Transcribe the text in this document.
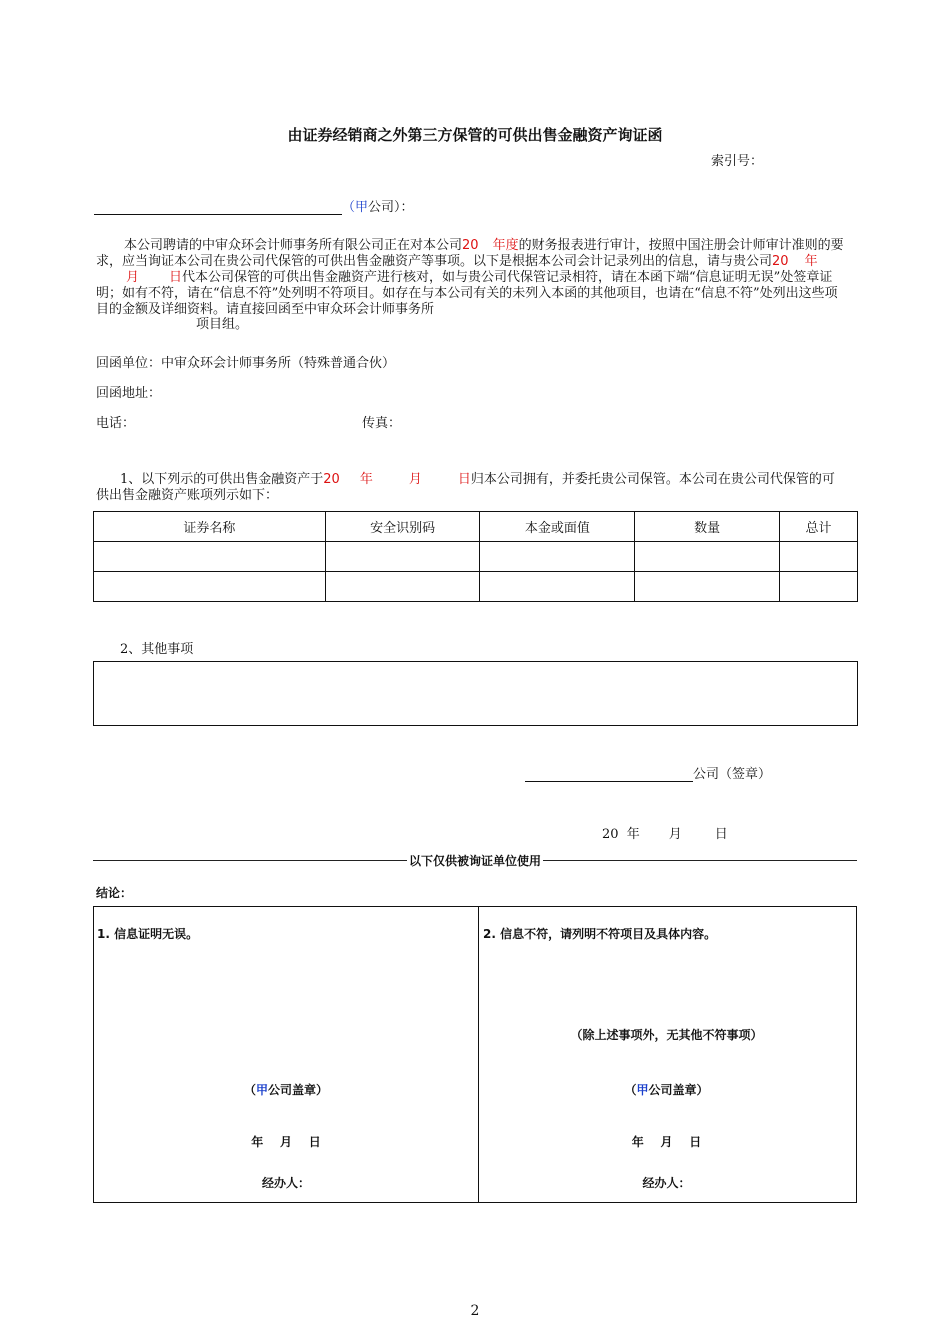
由证券经销商之外第三方保管的可供出售金融资产询证函
索引号：
（甲公司）：
本公司聘请的中审众环会计师事务所有限公司正在对本公司20 年度的财务报表进行审计，按照中国注册会计师审计准则的要求，应当询证本公司在贵公司代保管的可供出售金融资产等事项。以下是根据本公司会计记录列出的信息，请与贵公司20 年月 日代本公司保管的可供出售金融资产进行核对，如与贵公司代保管记录相符，请在本函下端“信息证明无误”处签章证明；如有不符，请在“信息不符”处列明不符项目。如存在与本公司有关的未列入本函的其他项目，也请在“信息不符”处列出这些项目的金额及详细资料。请直接回函至中审众环会计师事务所
项目组。
回函单位：中审众环会计师事务所（特殊普通合伙）
回函地址：
电话：	传真：
1、以下列示的可供出售金融资产于20 年	月	日归本公司拥有，并委托贵公司保管。本公司在贵公司代保管的可供出售金融资产账项列示如下：
证券名称	安全识别码	本金或面值	数量	总计

2、其他事项
公司（签章）
20  年       月        日
以下仅供被询证单位使用
结论：
1. 信息证明无误。
（甲公司盖章）
年    月    日
经办人：
2. 信息不符，请列明不符项目及具体内容。
（除上述事项外，无其他不符事项）
（甲公司盖章）
年    月    日
经办人：
2
